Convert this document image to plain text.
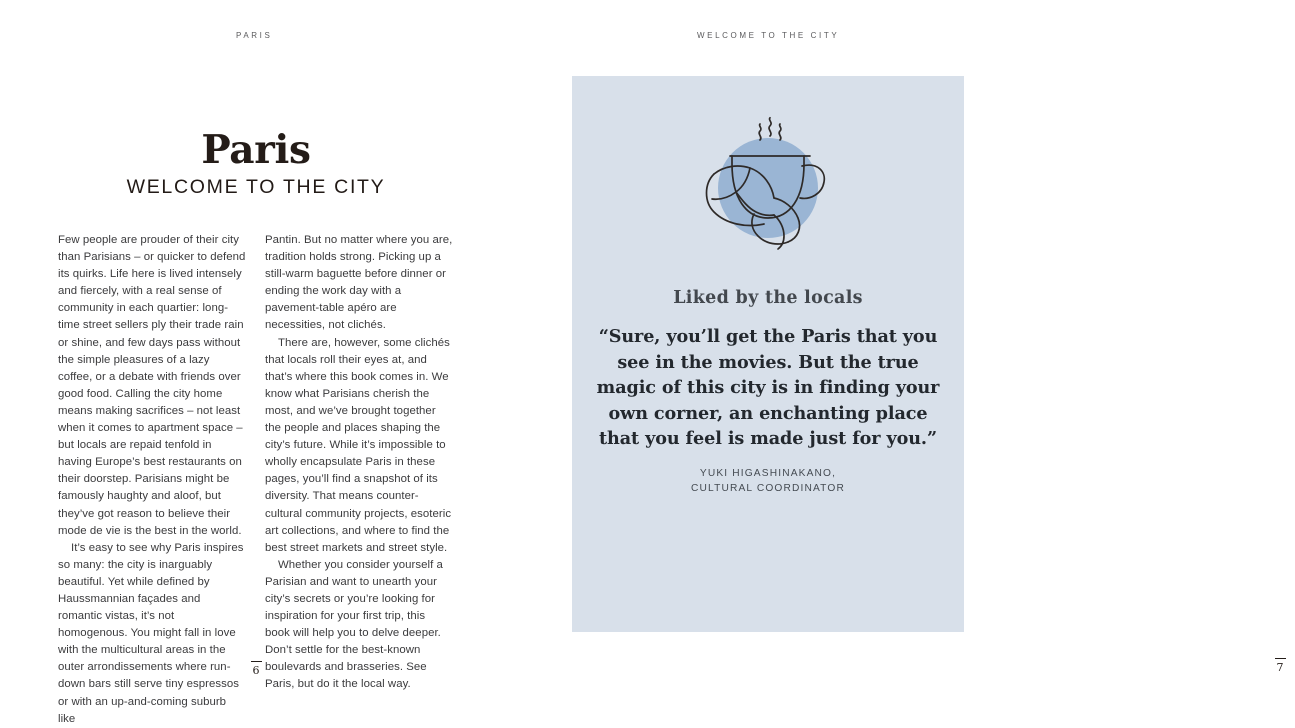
PARIS	WELCOME TO THE CITY
Paris
WELCOME TO THE CITY

Few people are prouder of their city than Parisians – or quicker to defend its quirks. Life here is lived intensely and fiercely, with a real sense of community in each quartier: long-time street sellers ply their trade rain or shine, and few days pass without the simple pleasures of a lazy coffee, or a debate with friends over good food. Calling the city home means making sacrifices – not least when it comes to apartment space – but locals are repaid tenfold in having Europe’s best restaurants on their doorstep. Parisians might be famously haughty and aloof, but they’ve got reason to believe their mode de vie is the best in the world.

It’s easy to see why Paris inspires so many: the city is inarguably beautiful. Yet while defined by Haussmannian façades and romantic vistas, it’s not homogenous. You might fall in love with the multicultural areas in the outer arrondissements where run-down bars still serve tiny espressos or with an up-and-coming suburb like

Pantin. But no matter where you are, tradition holds strong. Picking up a still-warm baguette before dinner or ending the work day with a pavement-table apéro are necessities, not clichés.

There are, however, some clichés that locals roll their eyes at, and that’s where this book comes in. We know what Parisians cherish the most, and we’ve brought together the people and places shaping the city’s future. While it’s impossible to wholly encapsulate Paris in these pages, you’ll find a snapshot of its diversity. That means counter-cultural community projects, esoteric art collections, and where to find the best street markets and street style.

Whether you consider yourself a Parisian and want to unearth your city’s secrets or you’re looking for inspiration for your first trip, this book will help you to delve deeper. Don’t settle for the best-known boulevards and brasseries. See Paris, but do it the local way.

6
Liked by the locals
“Sure, you’ll get the Paris that you
see in the movies. But the true
magic of this city is in finding your
own corner, an enchanting place
that you feel is made just for you.”
YUKI HIGASHINAKANO,
CULTURAL COORDINATOR
7
